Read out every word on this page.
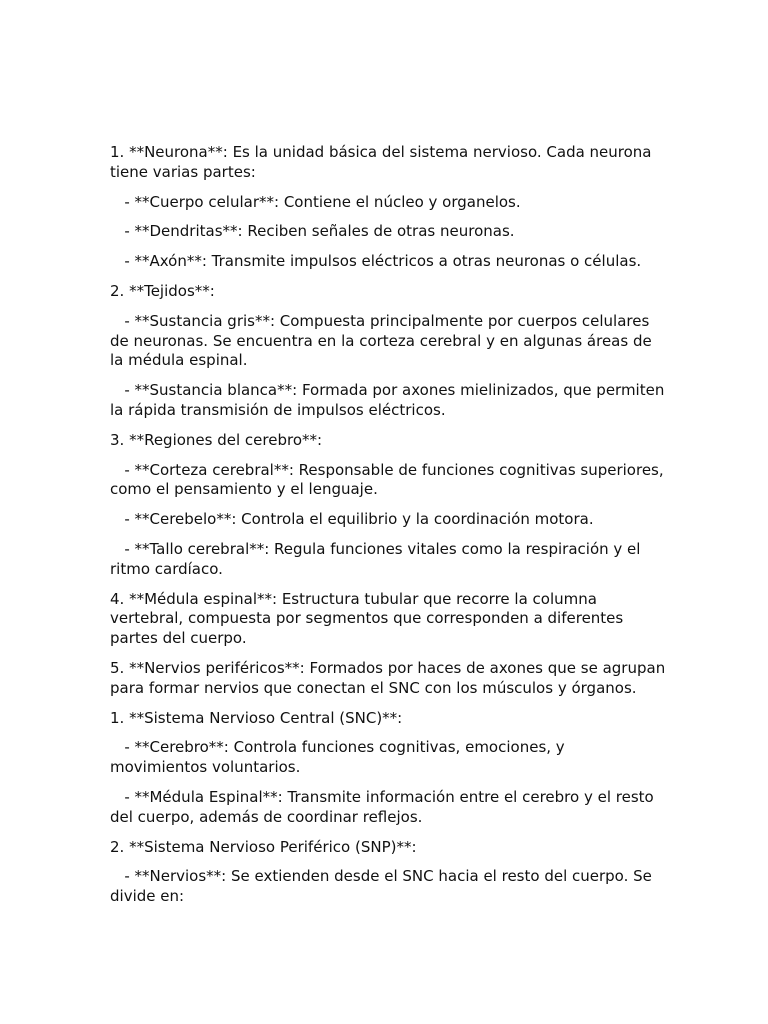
1. **Neurona**: Es la unidad básica del sistema nervioso. Cada neurona tiene varias partes:

- **Cuerpo celular**: Contiene el núcleo y organelos.

- **Dendritas**: Reciben señales de otras neuronas.

- **Axón**: Transmite impulsos eléctricos a otras neuronas o células.

2. **Tejidos**:

- **Sustancia gris**: Compuesta principalmente por cuerpos celulares de neuronas. Se encuentra en la corteza cerebral y en algunas áreas de la médula espinal.

- **Sustancia blanca**: Formada por axones mielinizados, que permiten la rápida transmisión de impulsos eléctricos.

3. **Regiones del cerebro**:

- **Corteza cerebral**: Responsable de funciones cognitivas superiores, como el pensamiento y el lenguaje.

- **Cerebelo**: Controla el equilibrio y la coordinación motora.

- **Tallo cerebral**: Regula funciones vitales como la respiración y el ritmo cardíaco.

4. **Médula espinal**: Estructura tubular que recorre la columna vertebral, compuesta por segmentos que corresponden a diferentes partes del cuerpo.

5. **Nervios periféricos**: Formados por haces de axones que se agrupan para formar nervios que conectan el SNC con los músculos y órganos.

1. **Sistema Nervioso Central (SNC)**:

- **Cerebro**: Controla funciones cognitivas, emociones, y movimientos voluntarios.

- **Médula Espinal**: Transmite información entre el cerebro y el resto del cuerpo, además de coordinar reflejos.

2. **Sistema Nervioso Periférico (SNP)**:

- **Nervios**: Se extienden desde el SNC hacia el resto del cuerpo. Se divide en:
